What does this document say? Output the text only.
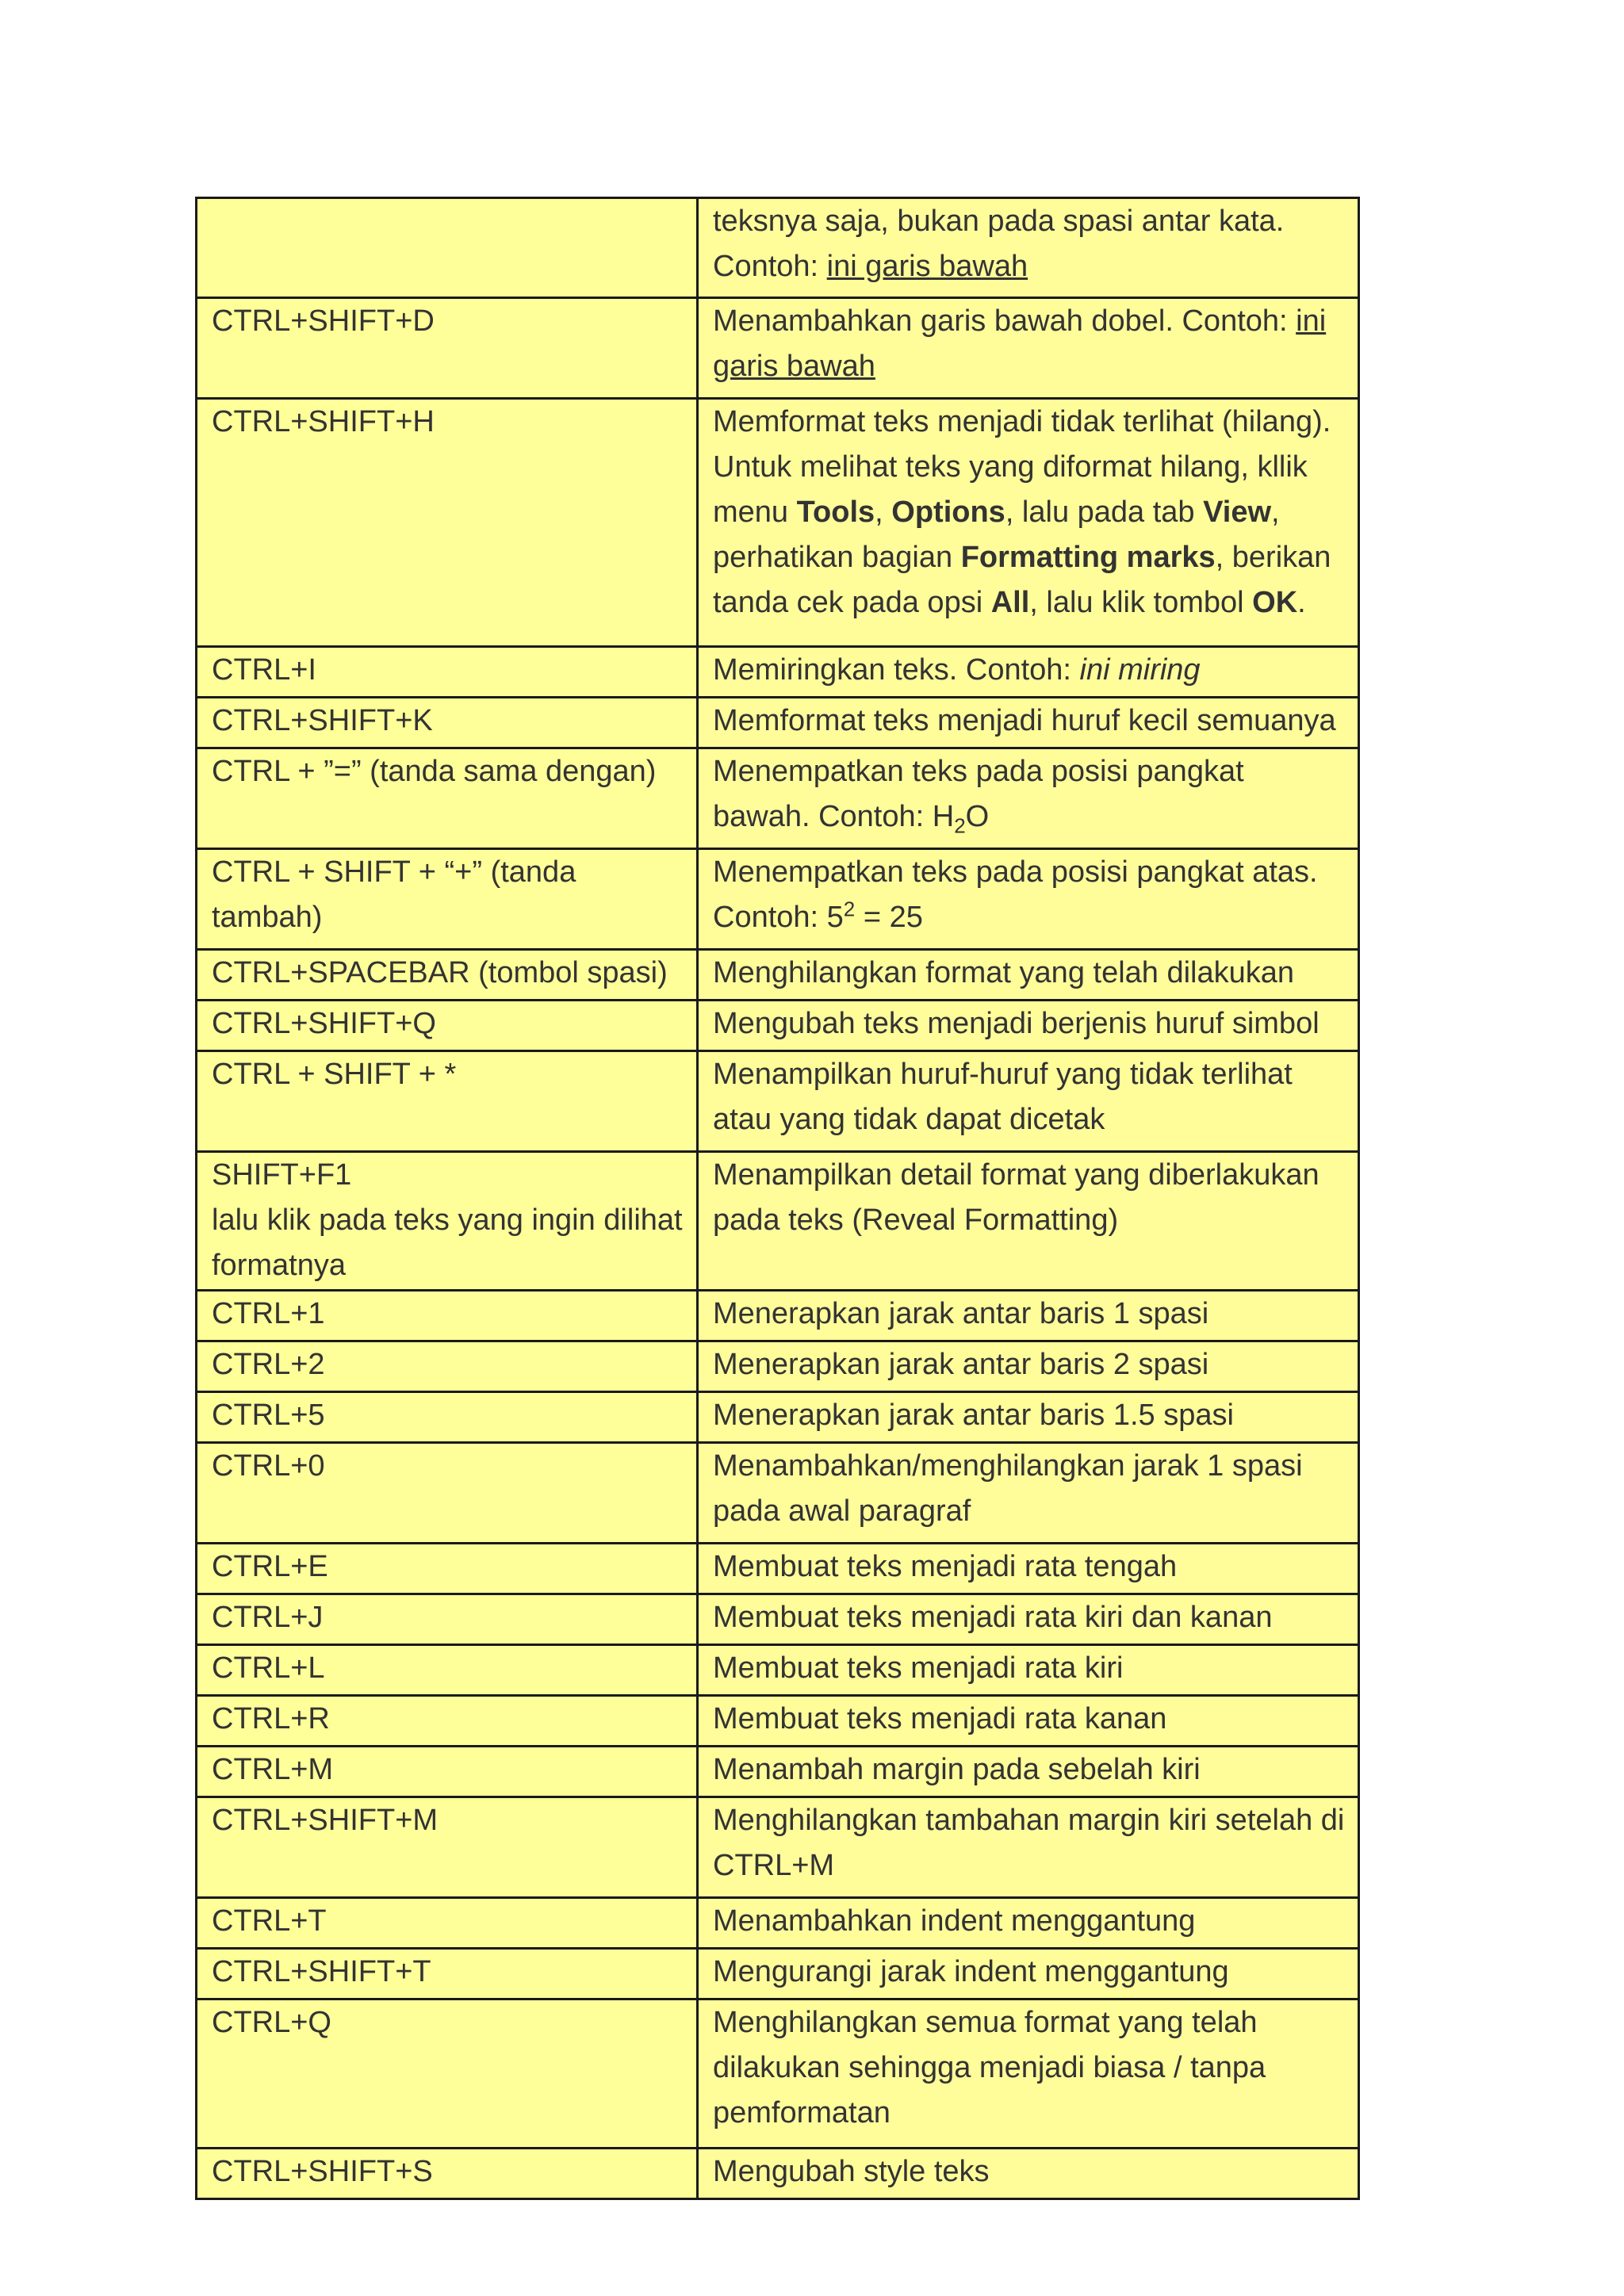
	teksnya saja, bukan pada spasi antar kata. Contoh: ini garis bawah

CTRL+SHIFT+D	Menambahkan garis bawah dobel. Contoh: ini garis bawah

CTRL+SHIFT+H	Memformat teks menjadi tidak terlihat (hilang). Untuk melihat teks yang diformat hilang, kllik menu Tools, Options, lalu pada tab View, perhatikan bagian Formatting marks, berikan tanda cek pada opsi All, lalu klik tombol OK.

CTRL+I	Memiringkan teks. Contoh: ini miring

CTRL+SHIFT+K	Memformat teks menjadi huruf kecil semuanya

CTRL + ”=” (tanda sama dengan)	Menempatkan teks pada posisi pangkat bawah. Contoh: $H_2O$

CTRL + SHIFT + “+” (tanda tambah)	Menempatkan teks pada posisi pangkat atas. Contoh: $5^2 = 25$

CTRL+SPACEBAR (tombol spasi)	Menghilangkan format yang telah dilakukan

CTRL+SHIFT+Q	Mengubah teks menjadi berjenis huruf simbol

CTRL + SHIFT + *	Menampilkan huruf-huruf yang tidak terlihat atau yang tidak dapat dicetak

SHIFT+F1
lalu klik pada teks yang ingin dilihat formatnya	Menampilkan detail format yang diberlakukan pada teks (Reveal Formatting)

CTRL+1	Menerapkan jarak antar baris 1 spasi

CTRL+2	Menerapkan jarak antar baris 2 spasi

CTRL+5	Menerapkan jarak antar baris 1.5 spasi

CTRL+0	Menambahkan/menghilangkan jarak 1 spasi pada awal paragraf

CTRL+E	Membuat teks menjadi rata tengah

CTRL+J	Membuat teks menjadi rata kiri dan kanan

CTRL+L	Membuat teks menjadi rata kiri

CTRL+R	Membuat teks menjadi rata kanan

CTRL+M	Menambah margin pada sebelah kiri

CTRL+SHIFT+M	Menghilangkan tambahan margin kiri setelah di CTRL+M

CTRL+T	Menambahkan indent menggantung

CTRL+SHIFT+T	Mengurangi jarak indent menggantung

CTRL+Q	Menghilangkan semua format yang telah dilakukan sehingga menjadi biasa / tanpa pemformatan

CTRL+SHIFT+S	Mengubah style teks
